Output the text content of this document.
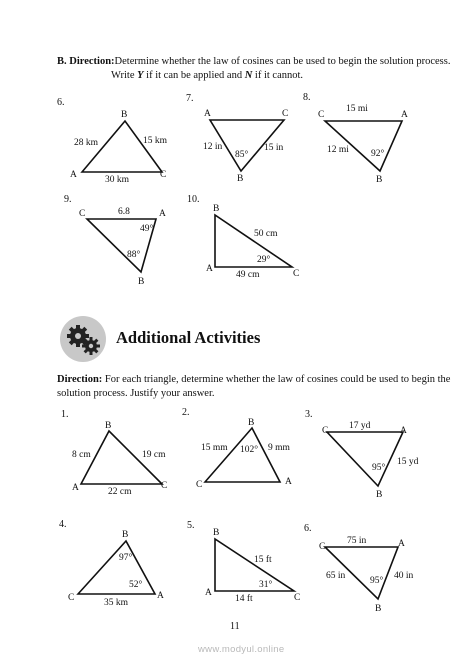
B. Direction:Determine whether the law of cosines can be used to begin the solution process.
Write Y if it can be applied and N if it cannot.
Additional Activities
Direction: For each triangle, determine whether the law of cosines could be used to begin the
solution process. Justify your answer.
6.
A
B
C
28 km	15 km
30 km
7.
A	C
B
12 in	15 in
85°
8.
C	A
B
15 mi
12 mi 92°
9.
C	A
B
6.8
49°
88°
10.
B
A	C
50 cm
29°
49 cm
1.
B
A	C
8 cm	19 cm
22 cm
2.
B
C	A
15 mm 102° 9 mm
3.
C	A
B
17 yd
15 yd
95°
4.
B
C	A
97°
52°
35 km
5.
B
A	C
15 ft
31°
14 ft
6.
C	A
B
75 in
65 in	95° 40 in
11
www.modyul.online
